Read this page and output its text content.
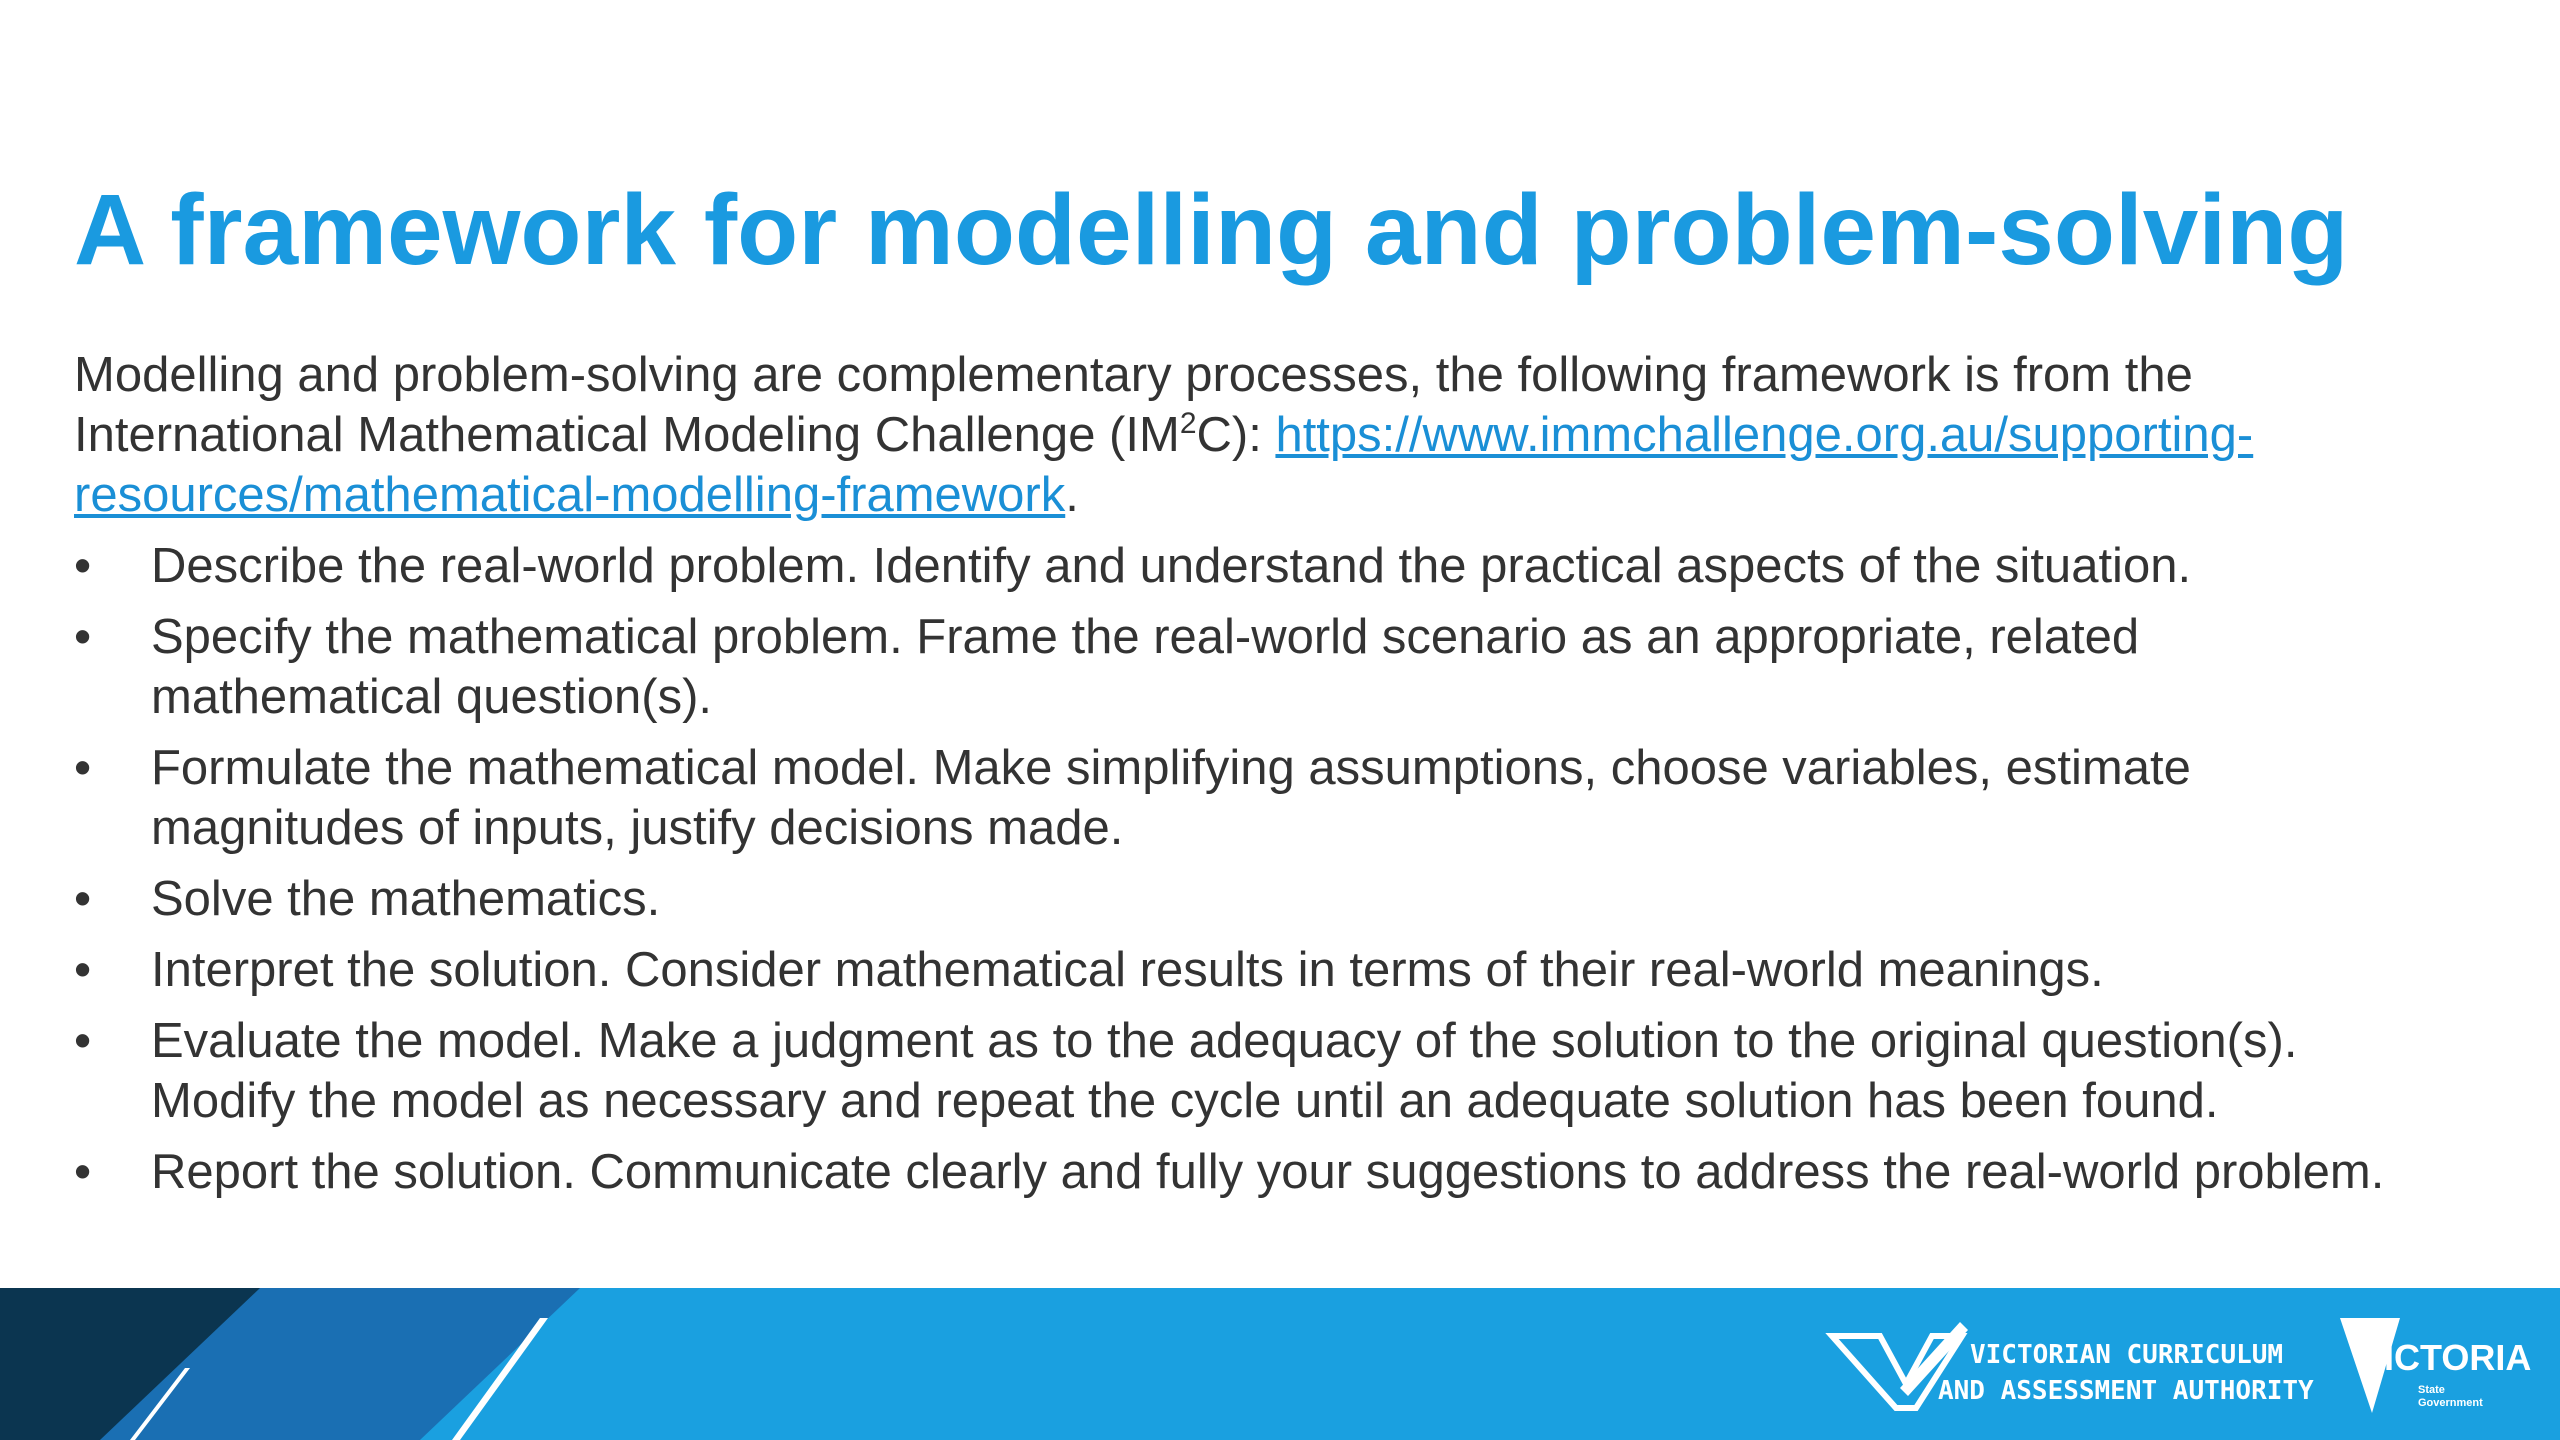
A framework for modelling and problem-solving

Modelling and problem-solving are complementary processes, the following framework is from the International Mathematical Modeling Challenge $(IM^2C)$: https://www.immchallenge.org.au/supporting-resources/mathematical-modelling-framework.

• Describe the real-world problem. Identify and understand the practical aspects of the situation.
• Specify the mathematical problem. Frame the real-world scenario as an appropriate, related mathematical question(s).
• Formulate the mathematical model. Make simplifying assumptions, choose variables, estimate magnitudes of inputs, justify decisions made.
• Solve the mathematics.
• Interpret the solution. Consider mathematical results in terms of their real-world meanings.
• Evaluate the model. Make a judgment as to the adequacy of the solution to the original question(s). Modify the model as necessary and repeat the cycle until an adequate solution has been found.
• Report the solution. Communicate clearly and fully your suggestions to address the real-world problem.
VICTORIAN CURRICULUM
AND ASSESSMENT AUTHORITY
VICTORIA
State
Government
